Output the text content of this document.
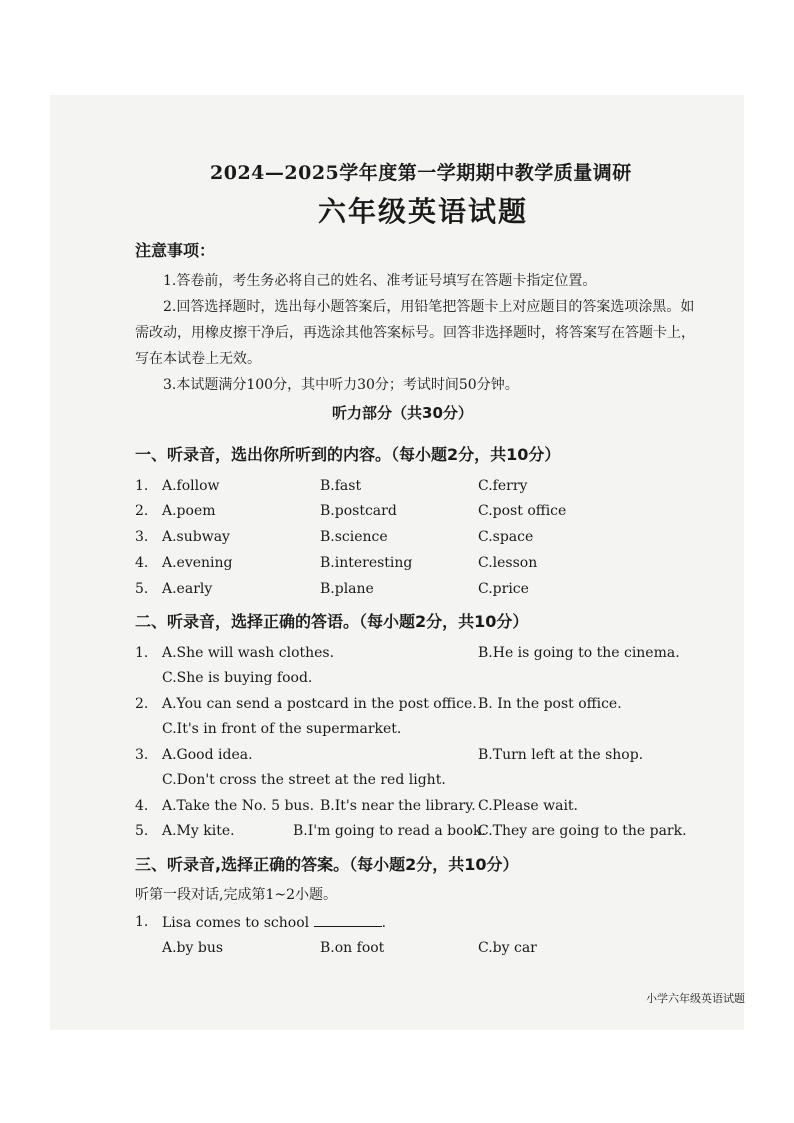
2024—2025学年度第一学期期中教学质量调研
六年级英语试题
注意事项：
1.答卷前，考生务必将自己的姓名、准考证号填写在答题卡指定位置。
2.回答选择题时，选出每小题答案后，用铅笔把答题卡上对应题目的答案选项涂黑。如需改动，用橡皮擦干净后，再选涂其他答案标号。回答非选择题时，将答案写在答题卡上，写在本试卷上无效。
3.本试题满分100分，其中听力30分；考试时间50分钟。
听力部分（共30分）
一、听录音，选出你所听到的内容。（每小题2分，共10分）
1. A.follow	B.fast	C.ferry
2. A.poem	B.postcard	C.post office
3. A.subway	B.science	C.space
4. A.evening	B.interesting	C.lesson
5. A.early	B.plane	C.price
二、听录音，选择正确的答语。（每小题2分，共10分）
1. A.She will wash clothes.	B.He is going to the cinema.
C.She is buying food.
2. A.You can send a postcard in the post office. B. In the post office.
C.It's in front of the supermarket.
3. A.Good idea.	B.Turn left at the shop.
C.Don't cross the street at the red light.
4. A.Take the No. 5 bus. B.It's near the library. C.Please wait.
5. A.My kite.	B.I'm going to read a book.
C.They are going to the park.
三、听录音,选择正确的答案。（每小题2分，共10分）
听第一段对话,完成第1~2小题。
1. Lisa comes to school	.
A.by bus	B.on foot	C.by car
小学六年级英语试题
